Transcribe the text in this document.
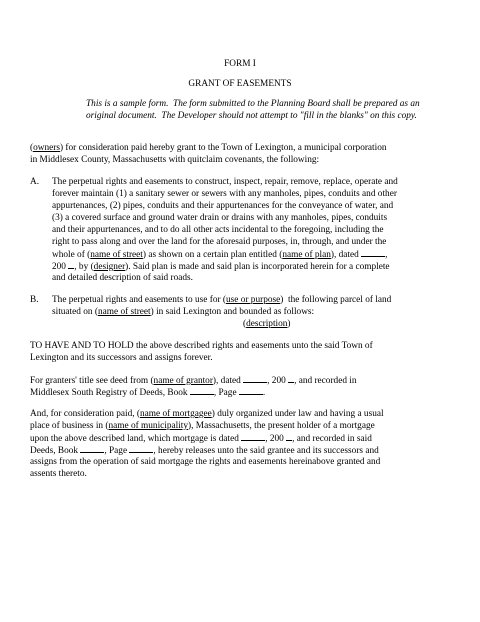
FORM I
GRANT OF EASEMENTS
This is a sample form.  The form submitted to the Planning Board shall be prepared as an
original document.  The Developer should not attempt to "fill in the blanks" on this copy.
(owners) for consideration paid hereby grant to the Town of Lexington, a municipal corporation
in Middlesex County, Massachusetts with quitclaim covenants, the following:
A. The perpetual rights and easements to construct, inspect, repair, remove, replace, operate and
forever maintain (1) a sanitary sewer or sewers with any manholes, pipes, conduits and other
appurtenances, (2) pipes, conduits and their appurtenances for the conveyance of water, and
(3) a covered surface and ground water drain or drains with any manholes, pipes, conduits
and their appurtenances, and to do all other acts incidental to the foregoing, including the
right to pass along and over the land for the aforesaid purposes, in, through, and under the
whole of (name of street) as shown on a certain plan entitled (name of plan), dated	,
200 , by (designer). Said plan is made and said plan is incorporated herein for a complete
and detailed description of said roads.
B. The perpetual rights and easements to use for (use or purpose)  the following parcel of land
situated on (name of street) in said Lexington and bounded as follows:
(description)
TO HAVE AND TO HOLD the above described rights and easements unto the said Town of
Lexington and its successors and assigns forever.
For granters' title see deed from (name of grantor), dated	, 200 , and recorded in
Middlesex South Registry of Deeds, Book	, Page	.
And, for consideration paid, (name of mortgagee) duly organized under law and having a usual
place of business in (name of municipality), Massachusetts, the present holder of a mortgage
upon the above described land, which mortgage is dated	, 200 , and recorded in said
Deeds, Book	, Page	, hereby releases unto the said grantee and its successors and
assigns from the operation of said mortgage the rights and easements hereinabove granted and
assents thereto.
